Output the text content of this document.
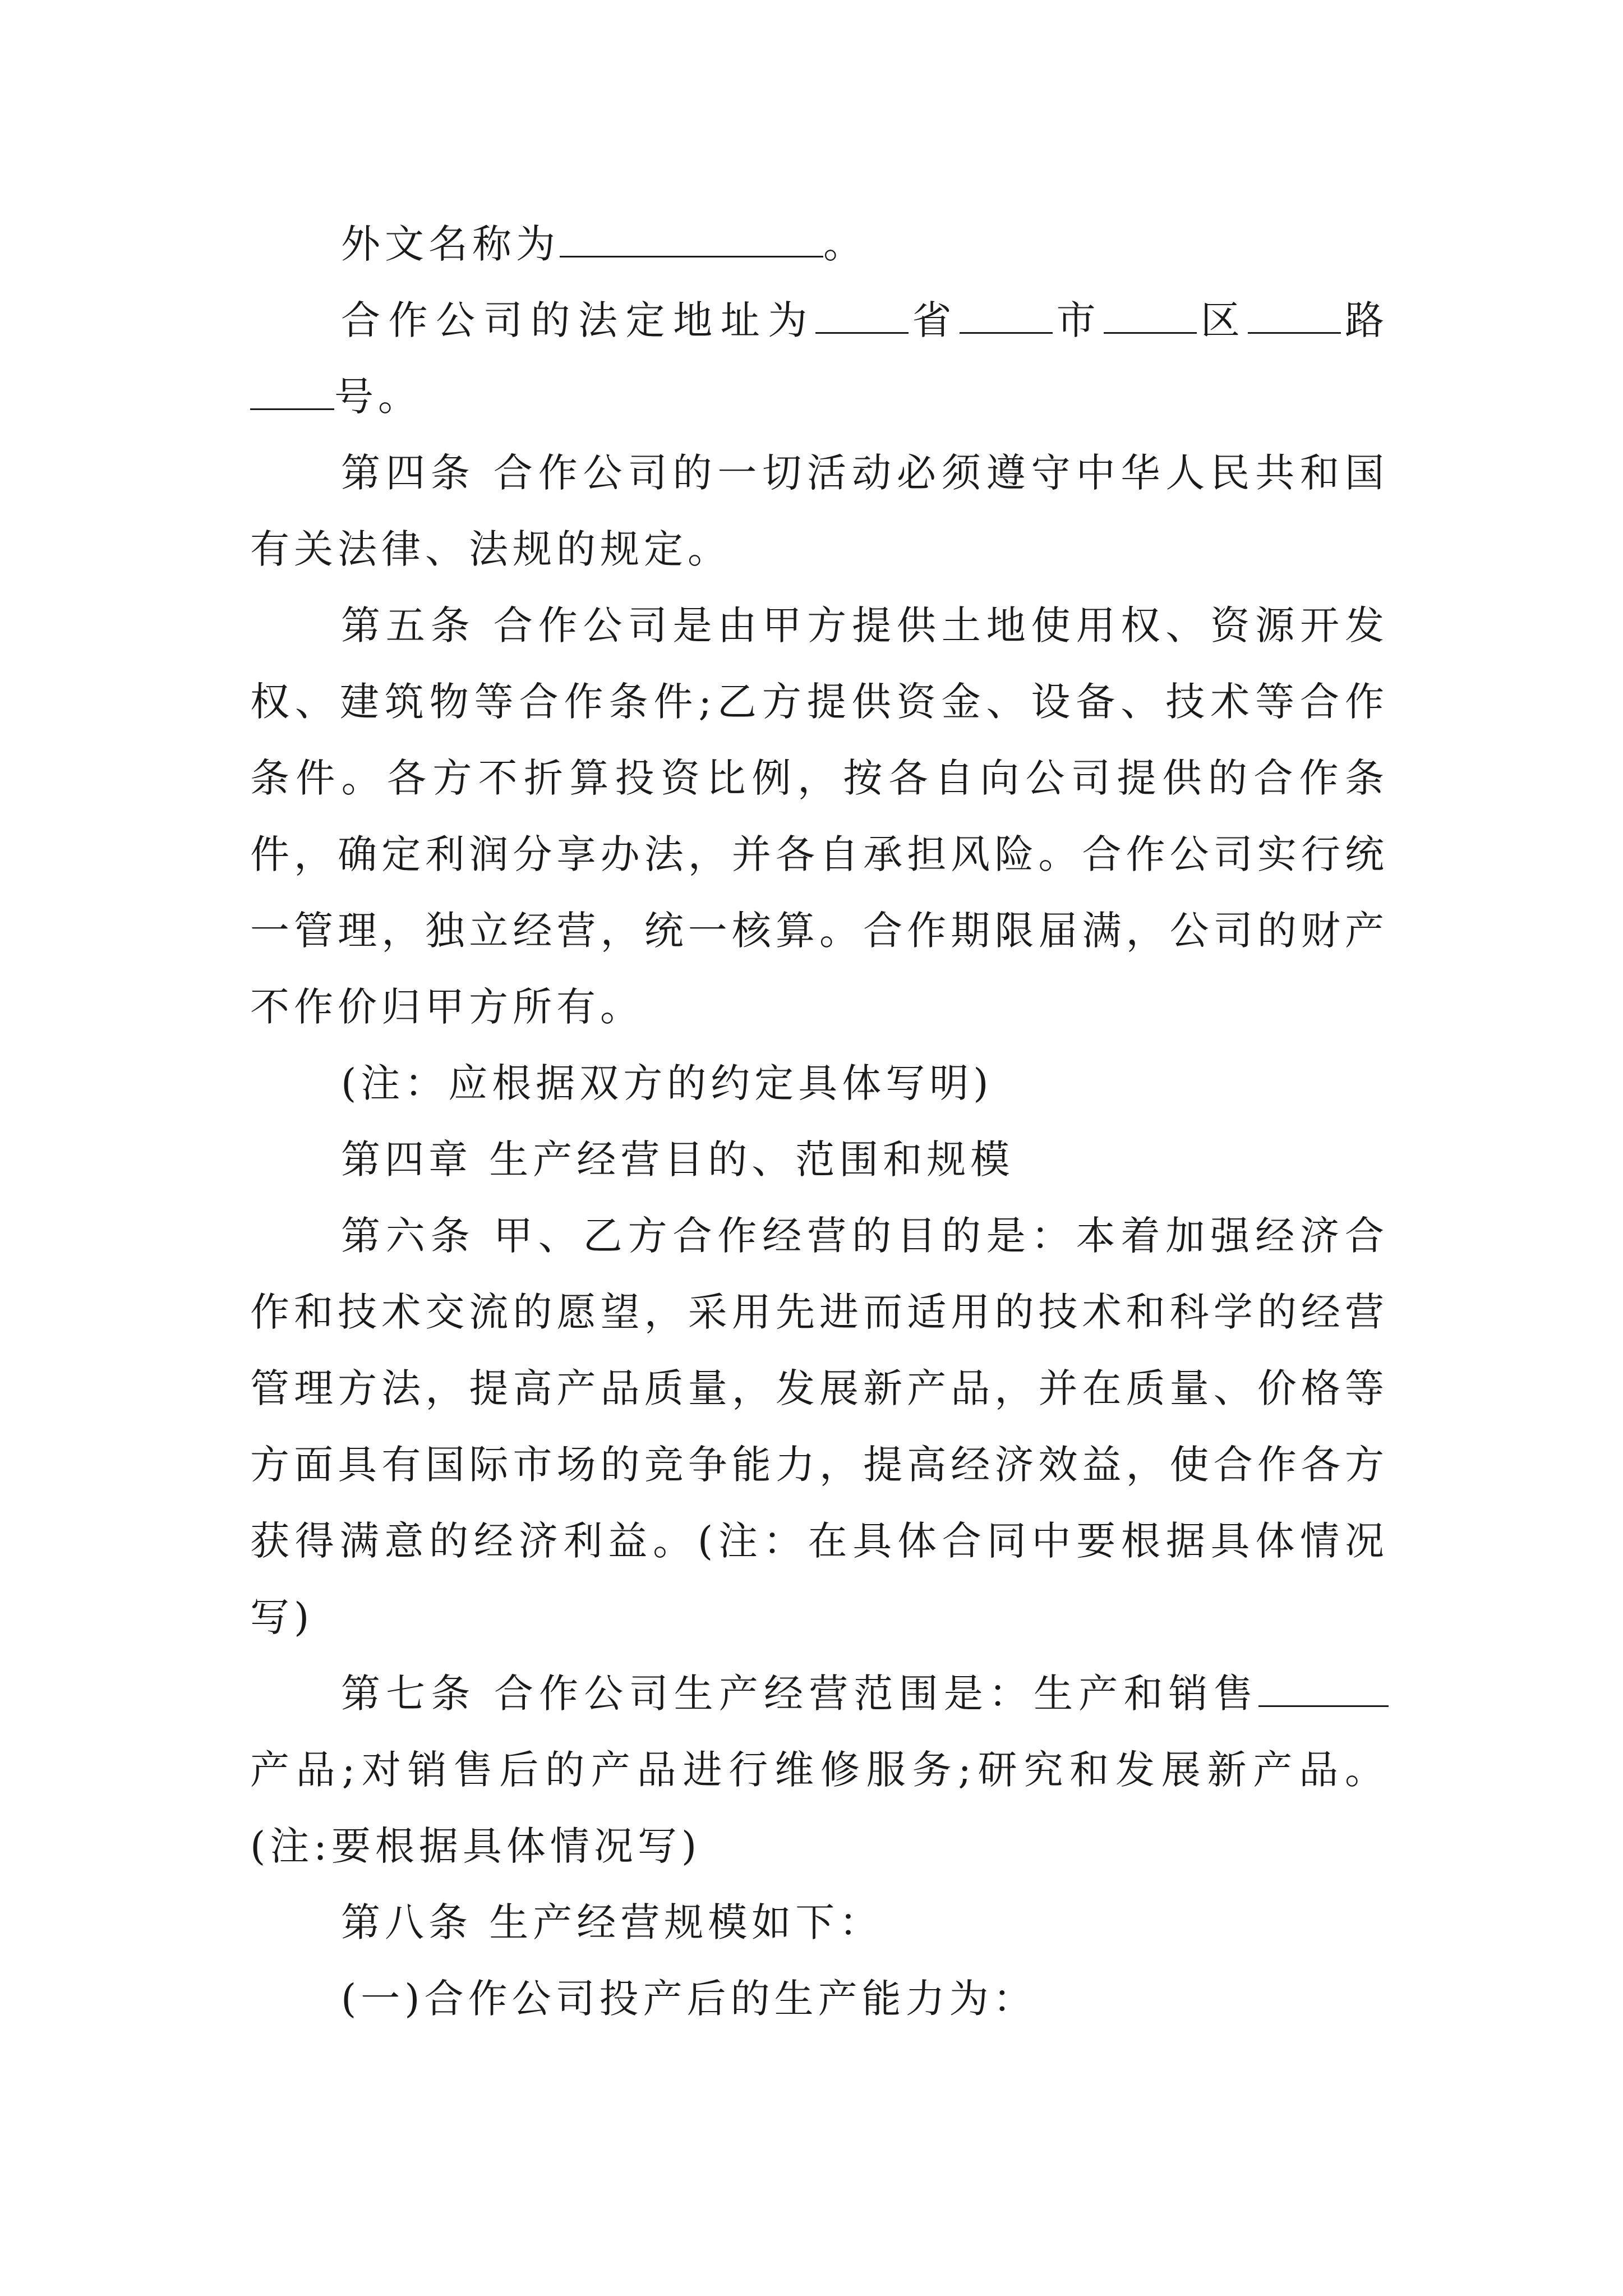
外文名称为	。

合作公司的法定地址为 省 市 区 路号。

第四条 合作公司的一切活动必须遵守中华人民共和国有关法律、法规的规定。

第五条 合作公司是由甲方提供土地使用权、资源开发权、建筑物等合作条件;乙方提供资金、设备、技术等合作条件。各方不折算投资比例，按各自向公司提供的合作条件，确定利润分享办法，并各自承担风险。合作公司实行统一管理，独立经营，统一核算。合作期限届满，公司的财产不作价归甲方所有。

(注：应根据双方的约定具体写明)

第四章 生产经营目的、范围和规模

第六条 甲、乙方合作经营的目的是：本着加强经济合作和技术交流的愿望，采用先进而适用的技术和科学的经营管理方法，提高产品质量，发展新产品，并在质量、价格等方面具有国际市场的竞争能力，提高经济效益，使合作各方获得满意的经济利益。(注：在具体合同中要根据具体情况写)

第七条 合作公司生产经营范围是：生产和销售产品;对销售后的产品进行维修服务;研究和发展新产品。(注:要根据具体情况写)

第八条 生产经营规模如下：

(一)合作公司投产后的生产能力为：
